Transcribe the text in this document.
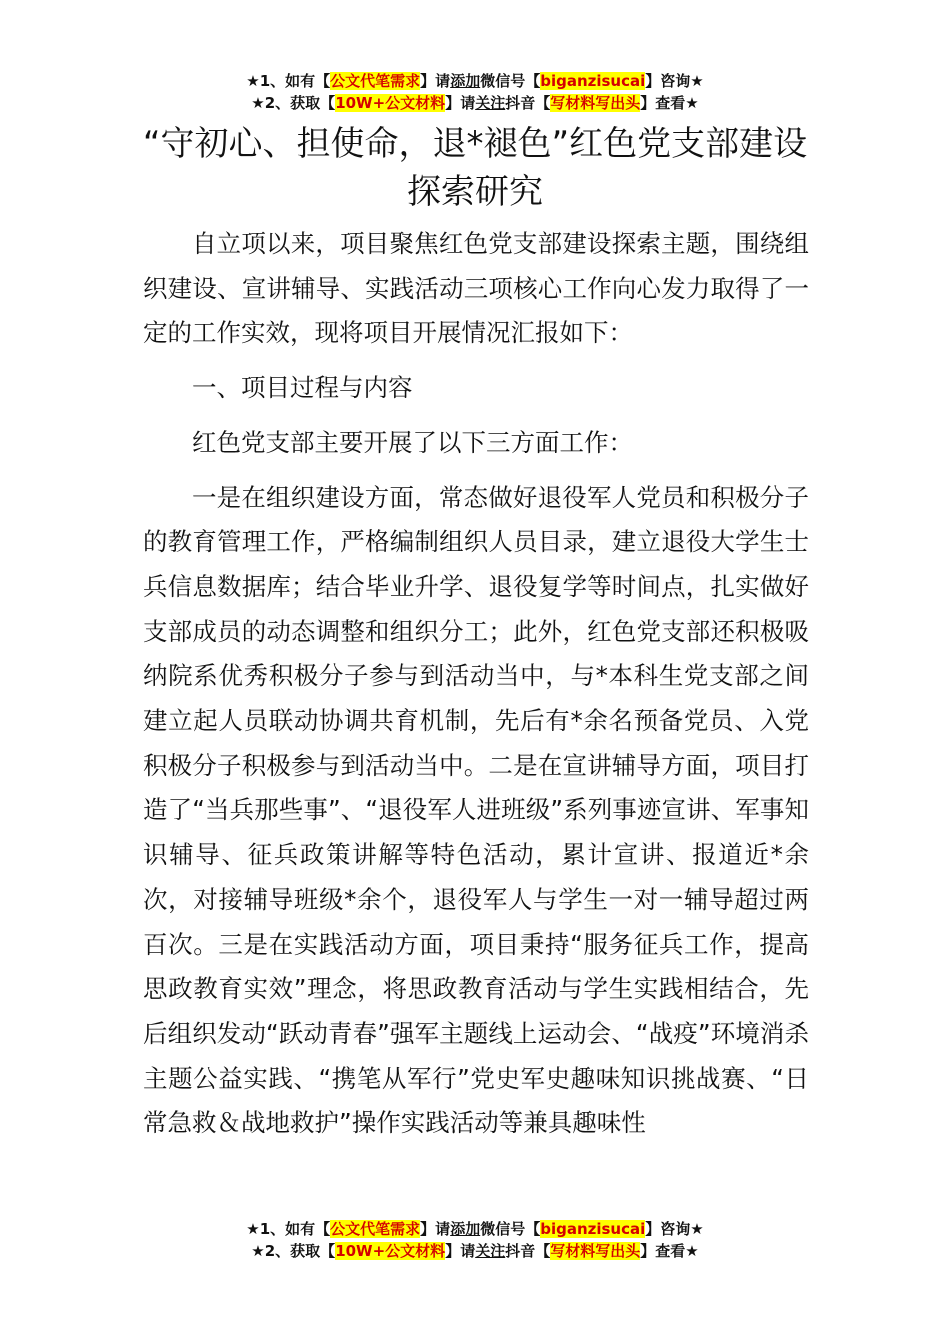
★1、如有【公文代笔需求】请添加微信号【biganzisucai】咨询★
★2、获取【10W+公文材料】请关注抖音【写材料写出头】查看★
“守初心、担使命，退*褪色”红色党支部建设探索研究

自立项以来，项目聚焦红色党支部建设探索主题，围绕组织建设、宣讲辅导、实践活动三项核心工作向心发力取得了一定的工作实效，现将项目开展情况汇报如下：

一、项目过程与内容

红色党支部主要开展了以下三方面工作：

一是在组织建设方面，常态做好退役军人党员和积极分子的教育管理工作，严格编制组织人员目录，建立退役大学生士兵信息数据库；结合毕业升学、退役复学等时间点，扎实做好支部成员的动态调整和组织分工；此外，红色党支部还积极吸纳院系优秀积极分子参与到活动当中，与*本科生党支部之间建立起人员联动协调共育机制，先后有*余名预备党员、入党积极分子积极参与到活动当中。二是在宣讲辅导方面，项目打造了“当兵那些事”、“退役军人进班级”系列事迹宣讲、军事知识辅导、征兵政策讲解等特色活动，累计宣讲、报道近*余次，对接辅导班级*余个，退役军人与学生一对一辅导超过两百次。三是在实践活动方面，项目秉持“服务征兵工作，提高思政教育实效”理念，将思政教育活动与学生实践相结合，先后组织发动“跃动青春”强军主题线上运动会、“战疫”环境消杀主题公益实践、“携笔从军行”党史军史趣味知识挑战赛、“日常急救＆战地救护”操作实践活动等兼具趣味性

★1、如有【公文代笔需求】请添加微信号【biganzisucai】咨询★
★2、获取【10W+公文材料】请关注抖音【写材料写出头】查看★
